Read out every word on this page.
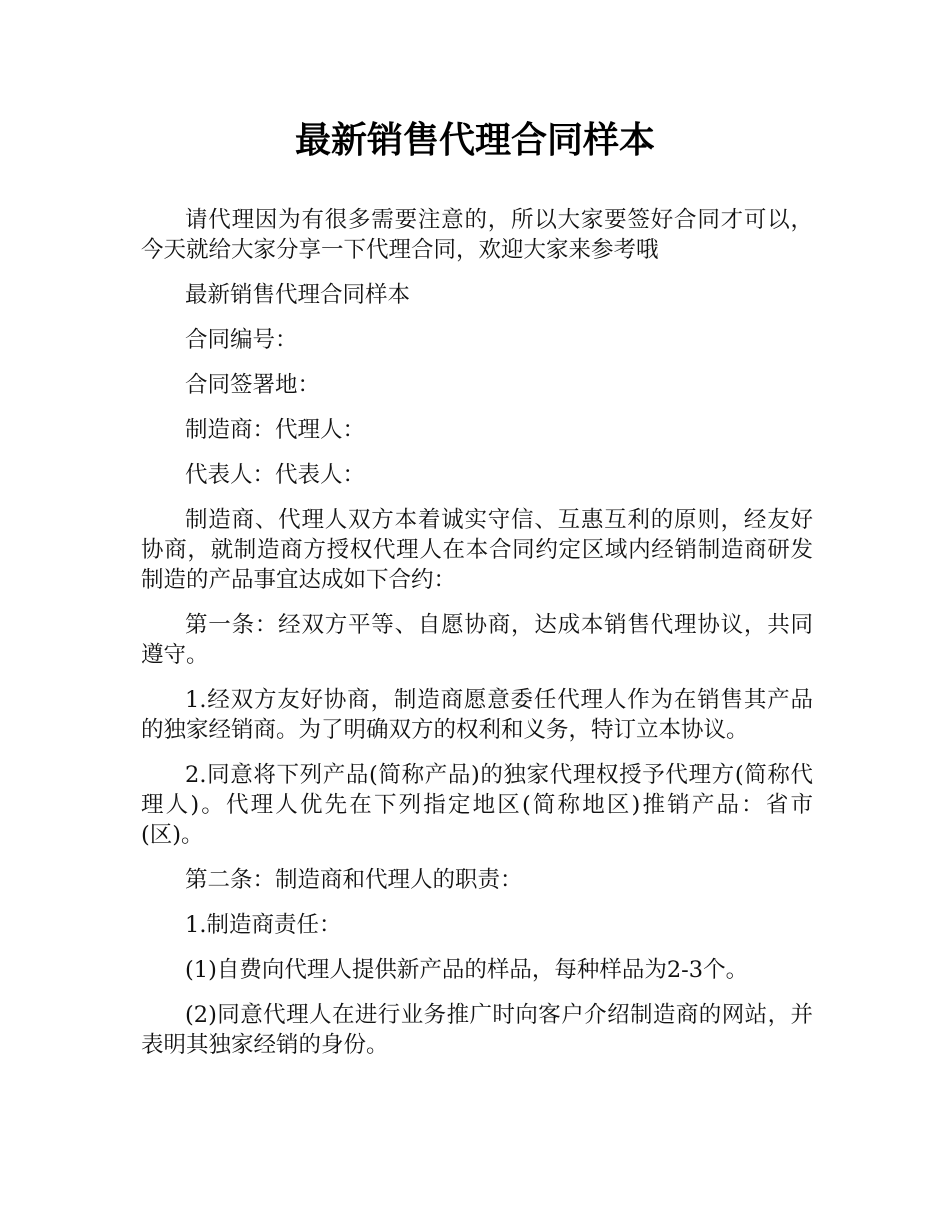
最新销售代理合同样本

请代理因为有很多需要注意的，所以大家要签好合同才可以，今天就给大家分享一下代理合同，欢迎大家来参考哦

最新销售代理合同样本

合同编号：

合同签署地：

制造商：代理人：

代表人：代表人：

制造商、代理人双方本着诚实守信、互惠互利的原则，经友好协商，就制造商方授权代理人在本合同约定区域内经销制造商研发制造的产品事宜达成如下合约：

第一条：经双方平等、自愿协商，达成本销售代理协议，共同遵守。

1.经双方友好协商，制造商愿意委任代理人作为在销售其产品的独家经销商。为了明确双方的权利和义务，特订立本协议。

2.同意将下列产品(简称产品)的独家代理权授予代理方(简称代理人)。代理人优先在下列指定地区(简称地区)推销产品：省市(区)。

第二条：制造商和代理人的职责：

1.制造商责任：

(1)自费向代理人提供新产品的样品，每种样品为2-3个。

(2)同意代理人在进行业务推广时向客户介绍制造商的网站，并表明其独家经销的身份。
